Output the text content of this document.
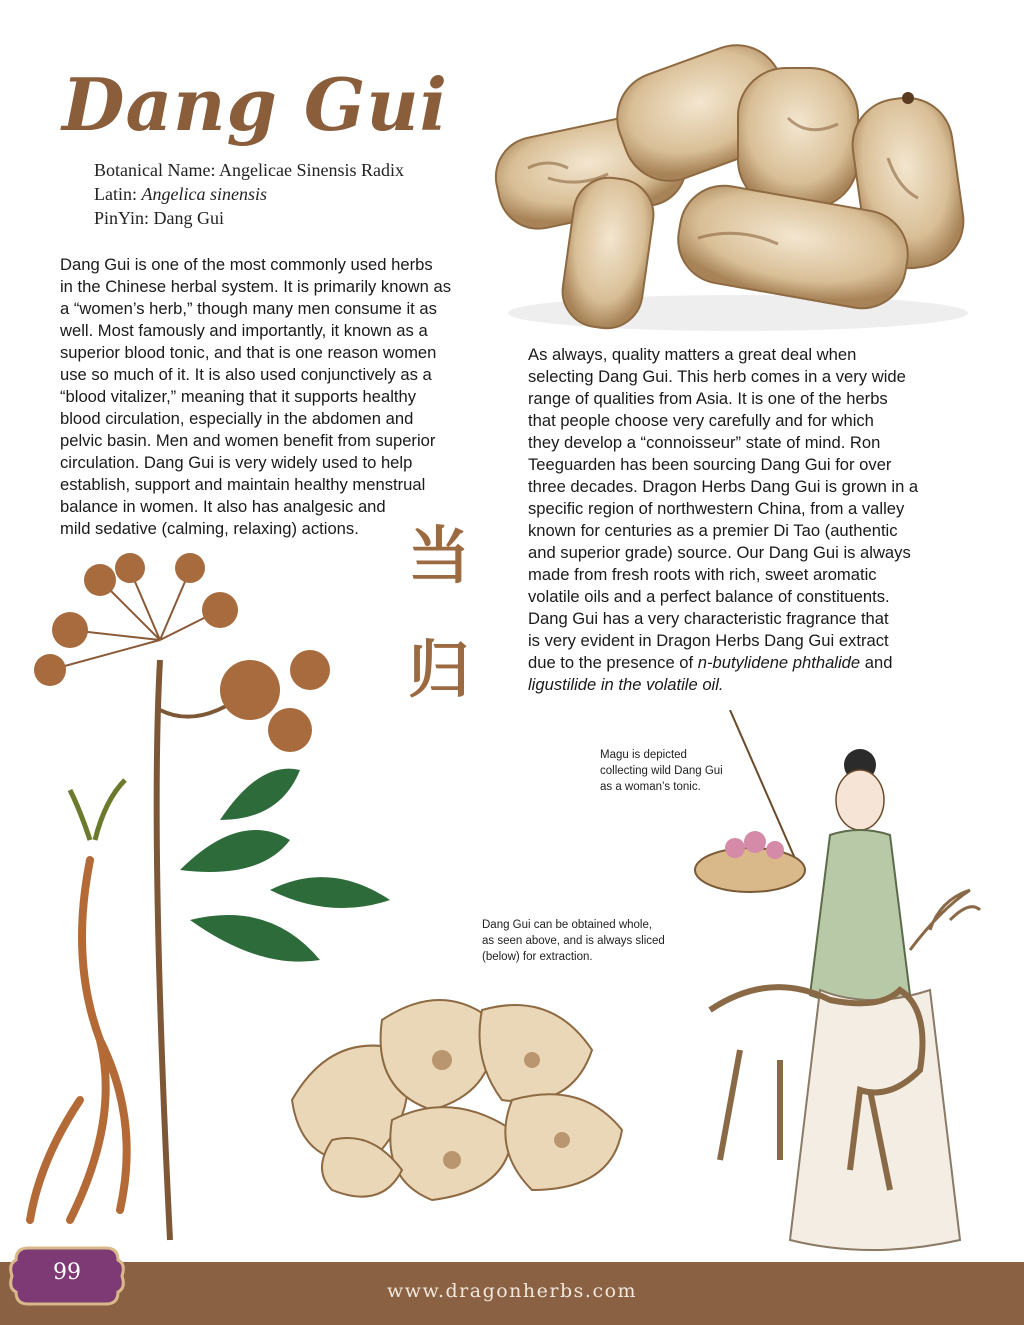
Dang Gui
Botanical Name: Angelicae Sinensis Radix
Latin: Angelica sinensis
PinYin: Dang Gui
Dang Gui is one of the most commonly used herbs
in the Chinese herbal system. It is primarily known as
a “women’s herb,” though many men consume it as
well. Most famously and importantly, it known as a
superior blood tonic, and that is one reason women
use so much of it. It is also used conjunctively as a
“blood vitalizer,” meaning that it supports healthy
blood circulation, especially in the abdomen and
pelvic basin. Men and women benefit from superior
circulation. Dang Gui is very widely used to help
establish, support and maintain healthy menstrual
balance in women. It also has analgesic and
mild sedative (calming, relaxing) actions.
As always, quality matters a great deal when
selecting Dang Gui. This herb comes in a very wide
range of qualities from Asia. It is one of the herbs
that people choose very carefully and for which
they develop a “connoisseur” state of mind. Ron
Teeguarden has been sourcing Dang Gui for over
three decades. Dragon Herbs Dang Gui is grown in a
specific region of northwestern China, from a valley
known for centuries as a premier Di Tao (authentic
and superior grade) source. Our Dang Gui is always
made from fresh roots with rich, sweet aromatic
volatile oils and a perfect balance of constituents.
Dang Gui has a very characteristic fragrance that
is very evident in Dragon Herbs Dang Gui extract
due to the presence of n-butylidene phthalide and
ligustilide in the volatile oil.
当
归
Magu is depicted
collecting wild Dang Gui
as a woman’s tonic.
Dang Gui can be obtained whole,
as seen above, and is always sliced
(below) for extraction.
99
www.dragonherbs.com
